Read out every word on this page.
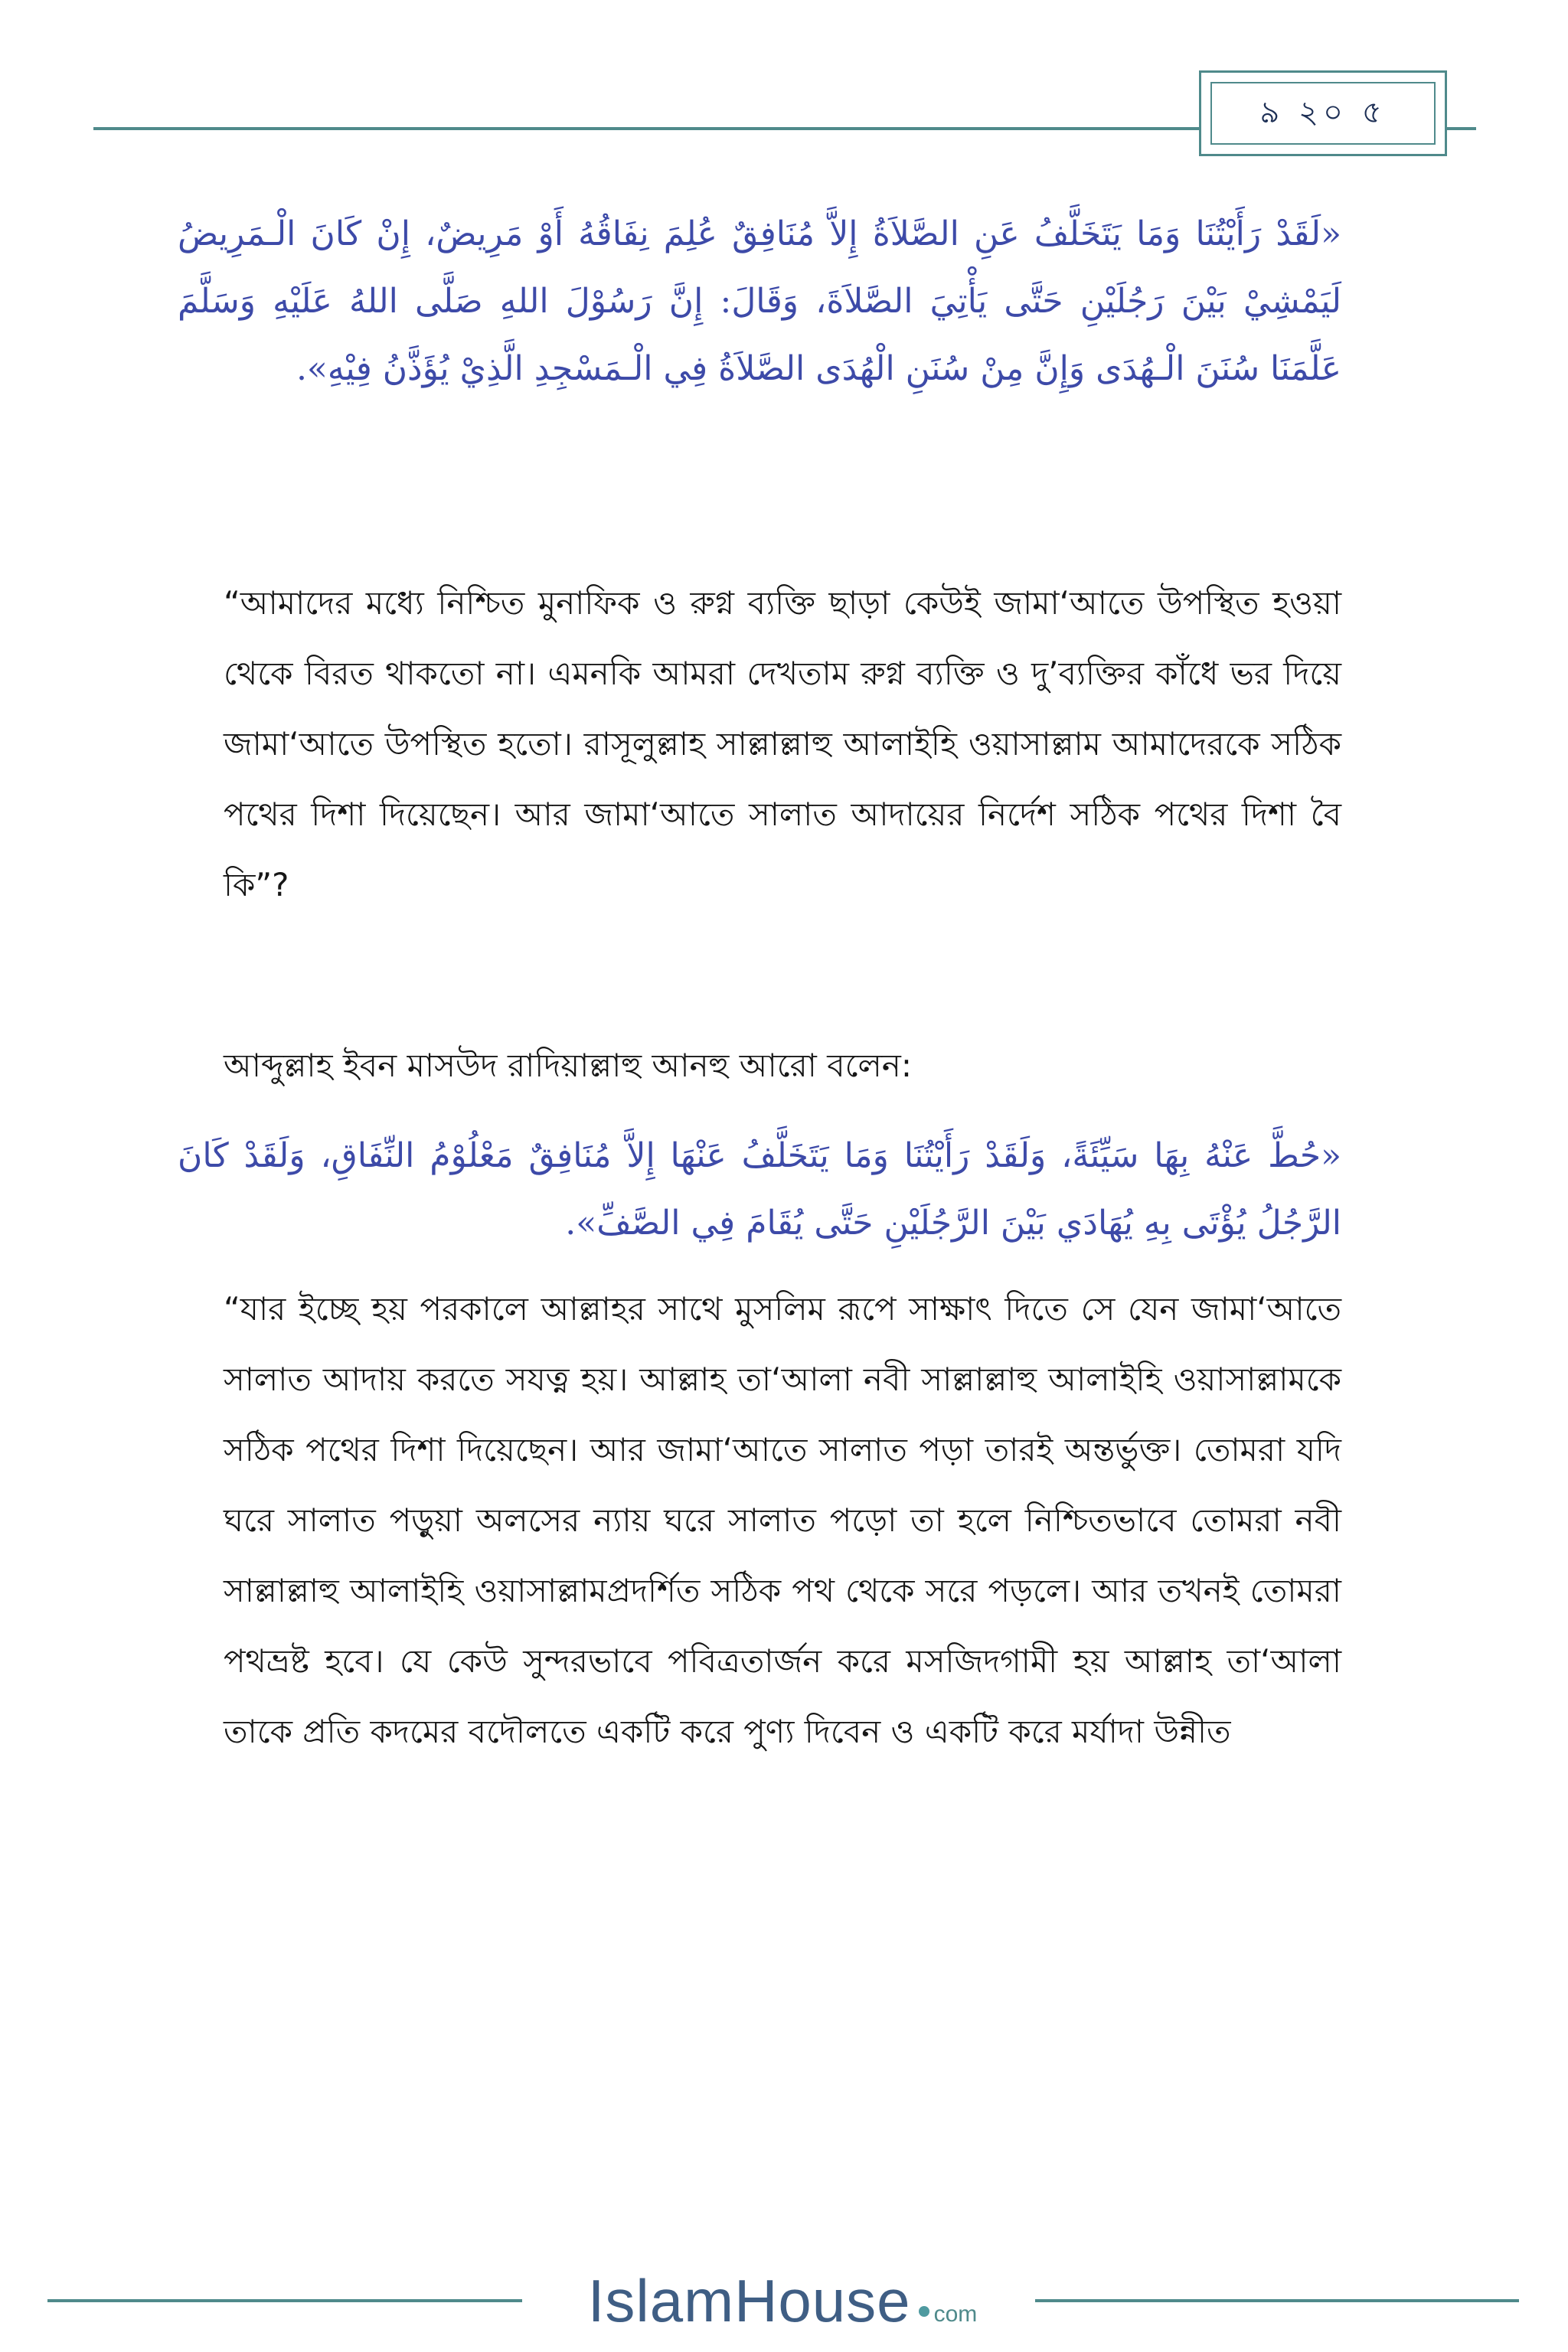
৯ ২০ ৫
«لَقَدْ رَأَيْتُنَا وَمَا يَتَخَلَّفُ عَنِ الصَّلاَةُ إِلاَّ مُنَافِقٌ عُلِمَ نِفَاقُهُ أَوْ مَرِيضٌ، إِنْ كَانَ الْـمَرِيضُ لَيَمْشِيْ بَيْنَ رَجُلَيْنِ حَتَّى يَأْتِيَ الصَّلاَةَ، وَقَالَ: إِنَّ رَسُوْلَ اللهِ صَلَّى اللهُ عَلَيْهِ وَسَلَّمَ عَلَّمَنَا سُنَنَ الْـهُدَى وَإِنَّ مِنْ سُنَنِ الْهُدَى الصَّلاَةُ فِي الْـمَسْجِدِ الَّذِيْ يُؤَذَّنُ فِيْهِ».
“আমাদের মধ্যে নিশ্চিত মুনাফিক ও রুগ্ন ব্যক্তি ছাড়া কেউই জামা‘আতে উপস্থিত হওয়া থেকে বিরত থাকতো না। এমনকি আমরা দেখতাম রুগ্ন ব্যক্তি ও দু’ব্যক্তির কাঁধে ভর দিয়ে জামা‘আতে উপস্থিত হতো। রাসূলুল্লাহ সাল্লাল্লাহু আলাইহি ওয়াসাল্লাম আমাদেরকে সঠিক পথের দিশা দিয়েছেন। আর জামা‘আতে সালাত আদায়ের নির্দেশ সঠিক পথের দিশা বৈ কি”?
আব্দুল্লাহ ইবন মাসউদ রাদিয়াল্লাহু আনহু আরো বলেন:
«حُطَّ عَنْهُ بِهَا سَيِّئَةً، وَلَقَدْ رَأَيْتُنَا وَمَا يَتَخَلَّفُ عَنْهَا إِلاَّ مُنَافِقٌ مَعْلُوْمُ النِّفَاقِ، وَلَقَدْ كَانَ الرَّجُلُ يُؤْتَى بِهِ يُهَادَي بَيْنَ الرَّجُلَيْنِ حَتَّى يُقَامَ فِي الصَّفِّ».
“যার ইচ্ছে হয় পরকালে আল্লাহর সাথে মুসলিম রূপে সাক্ষাৎ দিতে সে যেন জামা‘আতে সালাত আদায় করতে সযত্ন হয়। আল্লাহ তা‘আলা নবী সাল্লাল্লাহু আলাইহি ওয়াসাল্লামকে সঠিক পথের দিশা দিয়েছেন। আর জামা‘আতে সালাত পড়া তারই অন্তর্ভুক্ত। তোমরা যদি ঘরে সালাত পড়ুয়া অলসের ন্যায় ঘরে সালাত পড়ো তা হলে নিশ্চিতভাবে তোমরা নবী সাল্লাল্লাহু আলাইহি ওয়াসাল্লামপ্রদর্শিত সঠিক পথ থেকে সরে পড়লে। আর তখনই তোমরা পথভ্রষ্ট হবে। যে কেউ সুন্দরভাবে পবিত্রতার্জন করে মসজিদগামী হয় আল্লাহ তা‘আলা তাকে প্রতি কদমের বদৌলতে একটি করে পুণ্য দিবেন ও একটি করে মর্যাদা উন্নীত
IslamHouse com
